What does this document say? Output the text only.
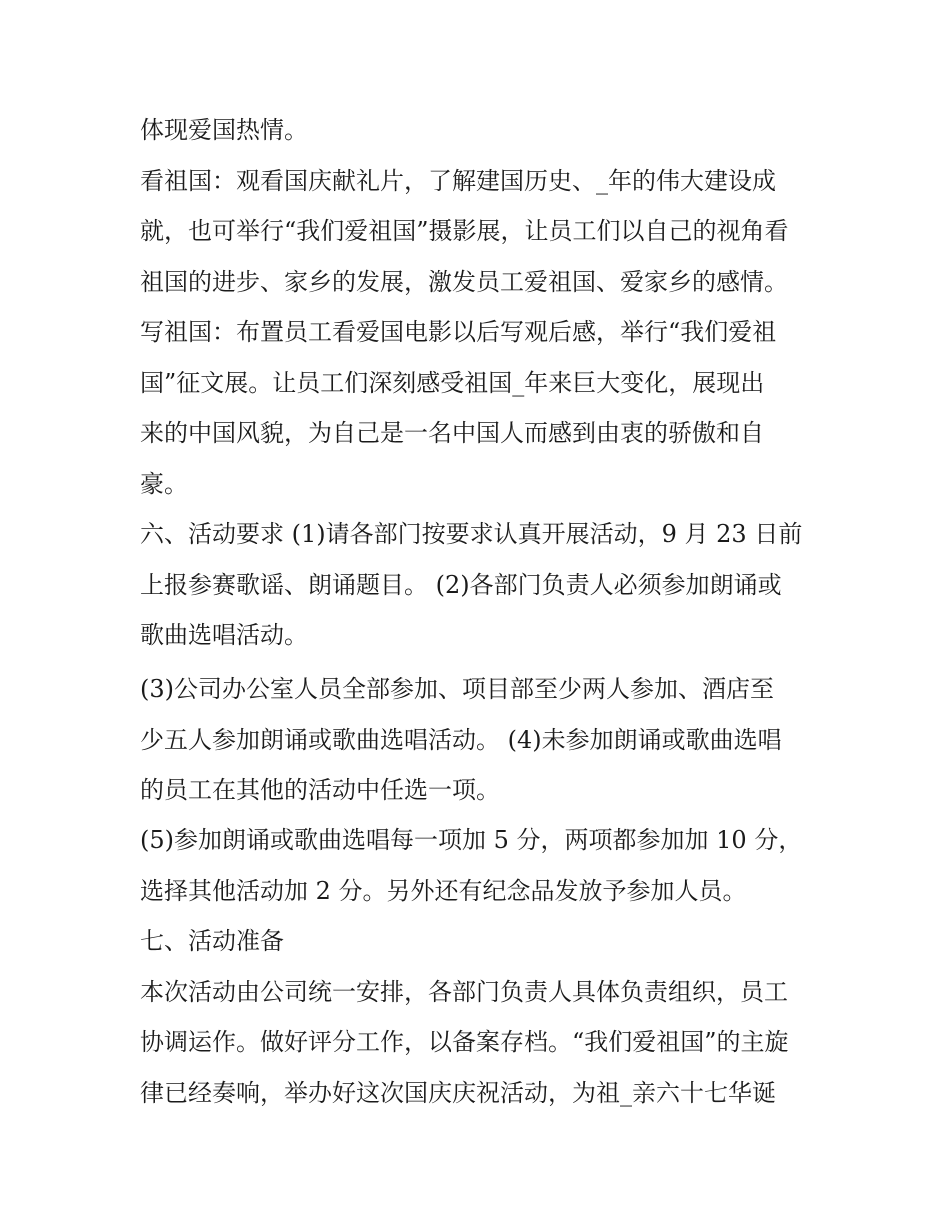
体现爱国热情。
看祖国：观看国庆献礼片，了解建国历史、_年的伟大建设成
就，也可举行“我们爱祖国”摄影展，让员工们以自己的视角看
祖国的进步、家乡的发展，激发员工爱祖国、爱家乡的感情。
写祖国：布置员工看爱国电影以后写观后感，举行“我们爱祖
国”征文展。让员工们深刻感受祖国_年来巨大变化，展现出
来的中国风貌，为自己是一名中国人而感到由衷的骄傲和自
豪。
六、活动要求 (1)请各部门按要求认真开展活动，9 月 23 日前
上报参赛歌谣、朗诵题目。 (2)各部门负责人必须参加朗诵或
歌曲选唱活动。
(3)公司办公室人员全部参加、项目部至少两人参加、酒店至
少五人参加朗诵或歌曲选唱活动。 (4)未参加朗诵或歌曲选唱
的员工在其他的活动中任选一项。
(5)参加朗诵或歌曲选唱每一项加 5 分，两项都参加加 10 分，
选择其他活动加 2 分。另外还有纪念品发放予参加人员。
七、活动准备
本次活动由公司统一安排，各部门负责人具体负责组织，员工
协调运作。做好评分工作，以备案存档。“我们爱祖国”的主旋
律已经奏响，举办好这次国庆庆祝活动，为祖_亲六十七华诞
